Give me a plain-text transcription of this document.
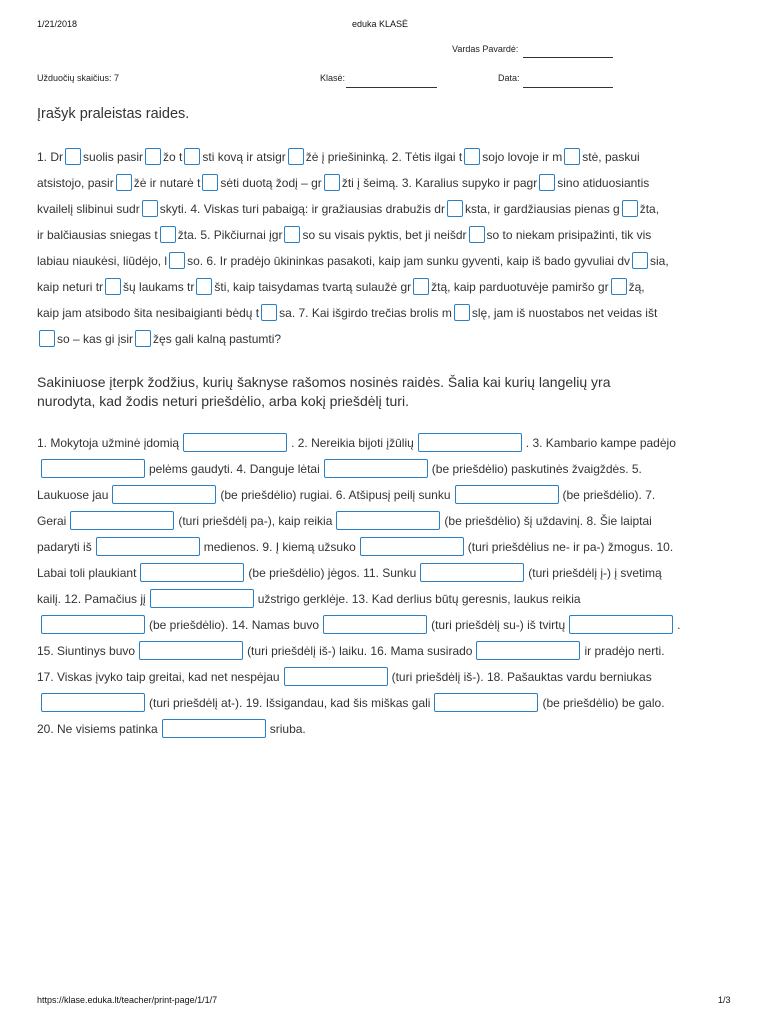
1/21/2018	eduka KLASĖ
Vardas Pavardė:
Užduočių skaičius: 7	Klasė:	Data:
Įrašyk praleistas raides.
1. Dr suolis pasir žo t sti kovą ir atsigr žė į priešininką. 2. Tėtis ilgai t sojo lovoje ir m stė, paskui
atsistojo, pasir žė ir nutarė t sėti duotą žodį – gr žti į šeimą. 3. Karalius supyko ir pagr sino atiduosiantis
kvailelį slibinui sudr skyti. 4. Viskas turi pabaigą: ir gražiausias drabužis dr ksta, ir gardžiausias pienas g žta,
ir balčiausias sniegas t žta. 5. Pikčiurnai įgr so su visais pyktis, bet ji neišdr so to niekam prisipažinti, tik vis
labiau niaukėsi, liūdėjo, l so. 6. Ir pradėjo ūkininkas pasakoti, kaip jam sunku gyventi, kaip iš bado gyvuliai dv sia,
kaip neturi tr šų laukams tr šti, kaip taisydamas tvartą sulaužė gr žtą, kaip parduotuvėje pamiršo gr žą,
kaip jam atsibodo šita nesibaigianti bėdų t sa. 7. Kai išgirdo trečias brolis m slę, jam iš nuostabos net veidas išt
so – kas gi įsir žęs gali kalną pastumti?
Sakiniuose įterpk žodžius, kurių šaknyse rašomos nosinės raidės. Šalia kai kurių langelių yra
nurodyta, kad žodis neturi priešdėlio, arba kokį priešdėlį turi.
1. Mokytoja užminė įdomią	. 2. Nereikia bijoti įžūlių	. 3. Kambario kampe padėjo
pelėms gaudyti. 4. Danguje lėtai	(be priešdėlio) paskutinės žvaigždės. 5.
Laukuose jau	(be priešdėlio) rugiai. 6. Atšipusį peilį sunku	(be priešdėlio). 7.
Gerai	(turi priešdėlį pa-), kaip reikia	(be priešdėlio) šį uždavinį. 8. Šie laiptai
padaryti iš	medienos. 9. Į kiemą užsuko	(turi priešdėlius ne- ir pa-) žmogus. 10.
Labai toli plaukiant	(be priešdėlio) jėgos. 11. Sunku	(turi priešdėlį į-) į svetimą
kailį. 12. Pamačius jį	užstrigo gerklėje. 13. Kad derlius būtų geresnis, laukus reikia
(be priešdėlio). 14. Namas buvo	(turi priešdėlį su-) iš tvirtų	.
15. Siuntinys buvo	(turi priešdėlį iš-) laiku. 16. Mama susirado	ir pradėjo nerti.
17. Viskas įvyko taip greitai, kad net nespėjau	(turi priešdėlį iš-). 18. Pašauktas vardu berniukas
(turi priešdėlį at-). 19. Išsigandau, kad šis miškas gali	(be priešdėlio) be galo.
20. Ne visiems patinka	sriuba.
https://klase.eduka.lt/teacher/print-page/1/1/7	1/3
